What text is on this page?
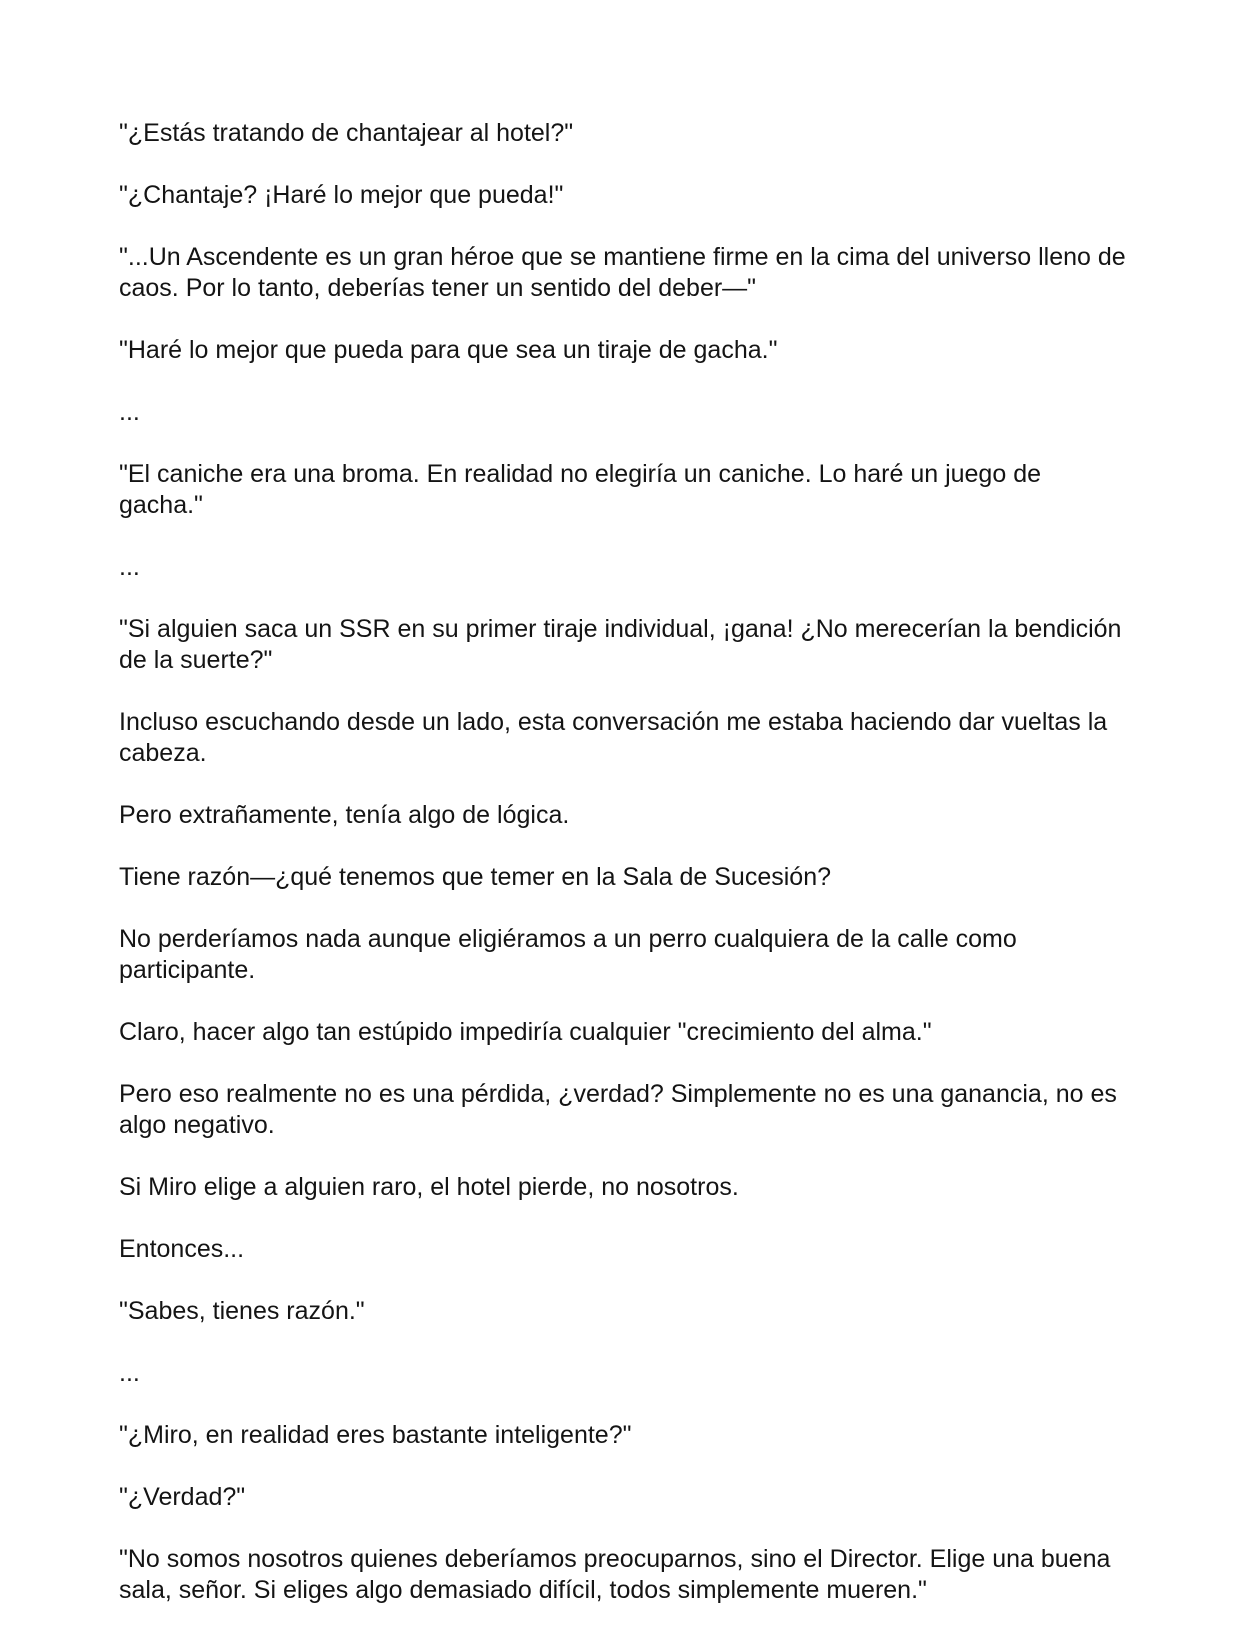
"¿Estás tratando de chantajear al hotel?"

"¿Chantaje? ¡Haré lo mejor que pueda!"

"...Un Ascendente es un gran héroe que se mantiene firme en la cima del universo lleno de caos. Por lo tanto, deberías tener un sentido del deber—"

"Haré lo mejor que pueda para que sea un tiraje de gacha."

...

"El caniche era una broma. En realidad no elegiría un caniche. Lo haré un juego de gacha."

...

"Si alguien saca un SSR en su primer tiraje individual, ¡gana! ¿No merecerían la bendición de la suerte?"

Incluso escuchando desde un lado, esta conversación me estaba haciendo dar vueltas la cabeza.

Pero extrañamente, tenía algo de lógica.

Tiene razón—¿qué tenemos que temer en la Sala de Sucesión?

No perderíamos nada aunque eligiéramos a un perro cualquiera de la calle como participante.

Claro, hacer algo tan estúpido impediría cualquier "crecimiento del alma."

Pero eso realmente no es una pérdida, ¿verdad? Simplemente no es una ganancia, no es algo negativo.

Si Miro elige a alguien raro, el hotel pierde, no nosotros.

Entonces...

"Sabes, tienes razón."

...

"¿Miro, en realidad eres bastante inteligente?"

"¿Verdad?"

"No somos nosotros quienes deberíamos preocuparnos, sino el Director. Elige una buena sala, señor. Si eliges algo demasiado difícil, todos simplemente mueren."
